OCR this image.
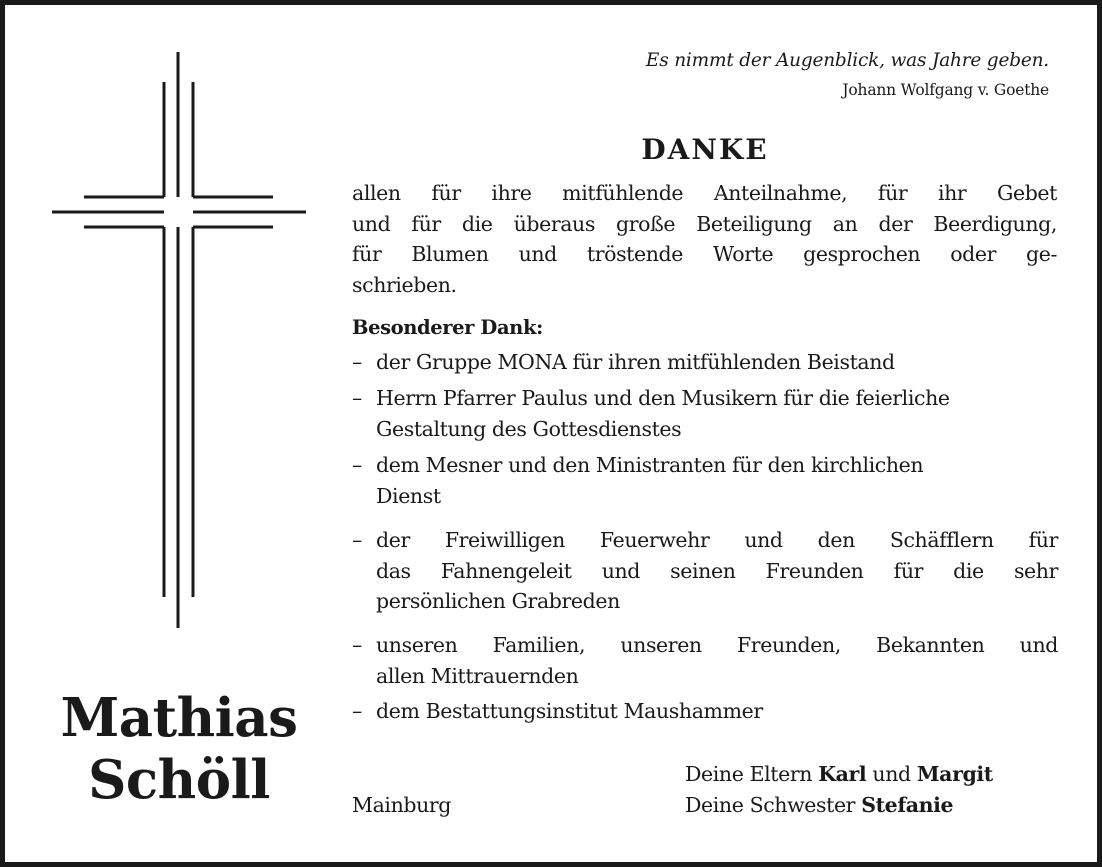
Mathias
Schöll
Es nimmt der Augenblick, was Jahre geben.
Johann Wolfgang v. Goethe
DANKE
allen für ihre mitfühlende Anteilnahme, für ihr Gebet
und für die überaus große Beteiligung an der Beerdigung,
für Blumen und tröstende Worte gesprochen oder ge-
schrieben.
Besonderer Dank:
– der Gruppe MONA für ihren mitfühlenden Beistand
– Herrn Pfarrer Paulus und den Musikern für die feierliche
Gestaltung des Gottesdienstes
– dem Mesner und den Ministranten für den kirchlichen
Dienst
– der Freiwilligen Feuerwehr und den Schäfflern für
das Fahnengeleit und seinen Freunden für die sehr
persönlichen Grabreden
– unseren Familien, unseren Freunden, Bekannten und
allen Mittrauernden
– dem Bestattungsinstitut Maushammer
Deine Eltern Karl und Margit
Mainburg	Deine Schwester Stefanie
